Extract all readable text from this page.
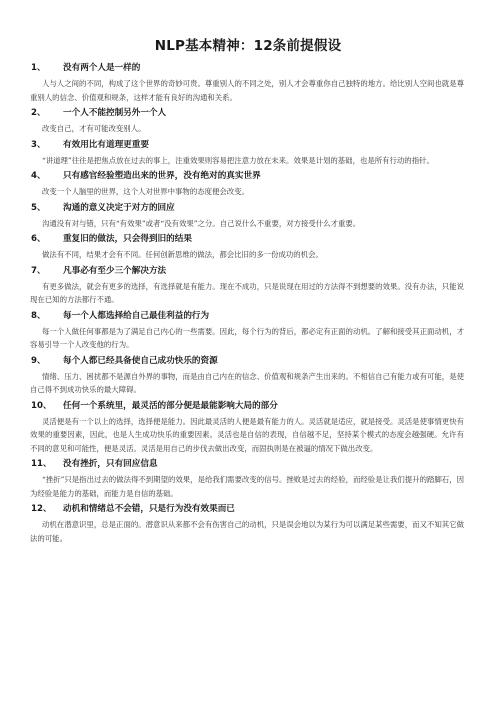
NLP基本精神：12条前提假设
1、	没有两个人是一样的
人与人之间的不同，构成了这个世界的奇妙可贵。尊重别人的不同之处，别人才会尊重你自己独特的地方。给比别人空间也就是尊重别人的信念、价值观和规条，这样才能有良好的沟通和关系。
2、	一个人不能控制另外一个人
改变自己，才有可能改变别人。
3、	有效用比有道理更重要
“讲道理”往往是把焦点放在过去的事上，注重效果则容易把注意力放在未来。效果是计划的基础，也是所有行动的指针。
4、	只有感官经验塑造出来的世界，没有绝对的真实世界
改变一个人脑里的世界，这个人对世界中事物的态度便会改变。
5、	沟通的意义决定于对方的回应
沟通没有对与错，只有“有效果”或者“没有效果”之分。自己说什么不重要，对方接受什么才重要。
6、	重复旧的做法，只会得到旧的结果
做法有不同，结果才会有不同。任何创新思维的做法，都会比旧的多一份成功的机会。
7、	凡事必有至少三个解决方法
有更多做法，就会有更多的选择，有选择就是有能力。现在不成功，只是说现在用过的方法得不到想要的效果。没有办法，只能说现在已知的方法都行不通。
8、	每一个人都选择给自己最佳利益的行为
每一个人做任何事都是为了满足自己内心的一些需要。因此，每个行为的背后，都必定有正面的动机。了解和接受其正面动机，才容易引导一个人改变他的行为。
9、	每个人都已经具备使自己成功快乐的资源
情绪、压力、困扰都不是源自外界的事物，而是由自己内在的信念、价值观和规条产生出来的。不相信自己有能力或有可能，是使自己得不到成功快乐的最大障碍。
10、	任何一个系统里，最灵活的部分便是最能影响大局的部分
灵活便是有一个以上的选择，选择便是能力。因此最灵活的人便是最有能力的人。灵活就是适应，就是接受。灵活是使事情更快有效果的重要因素，因此，也是人生成功快乐的重要因素。灵活也是自信的表现，自信越不足，坚持某个模式的态度会越强硬。允许有不同的意见和可能性，便是灵活。灵活是用自己的步伐去做出改变，而固执则是在被逼的情况下做出改变。
11、	没有挫折，只有回应信息
“挫折”只是指出过去的做法得不到期望的效果，是给我们需要改变的信号。挫败是过去的经验，而经验是让我们提升的踏脚石，因为经验是能力的基础，而能力是自信的基础。
12、	动机和情绪总不会错，只是行为没有效果而已
动机在潜意识里，总是正面的。潜意识从来都不会有伤害自己的动机，只是误会地以为某行为可以满足某些需要，而又不知其它做法的可能。
